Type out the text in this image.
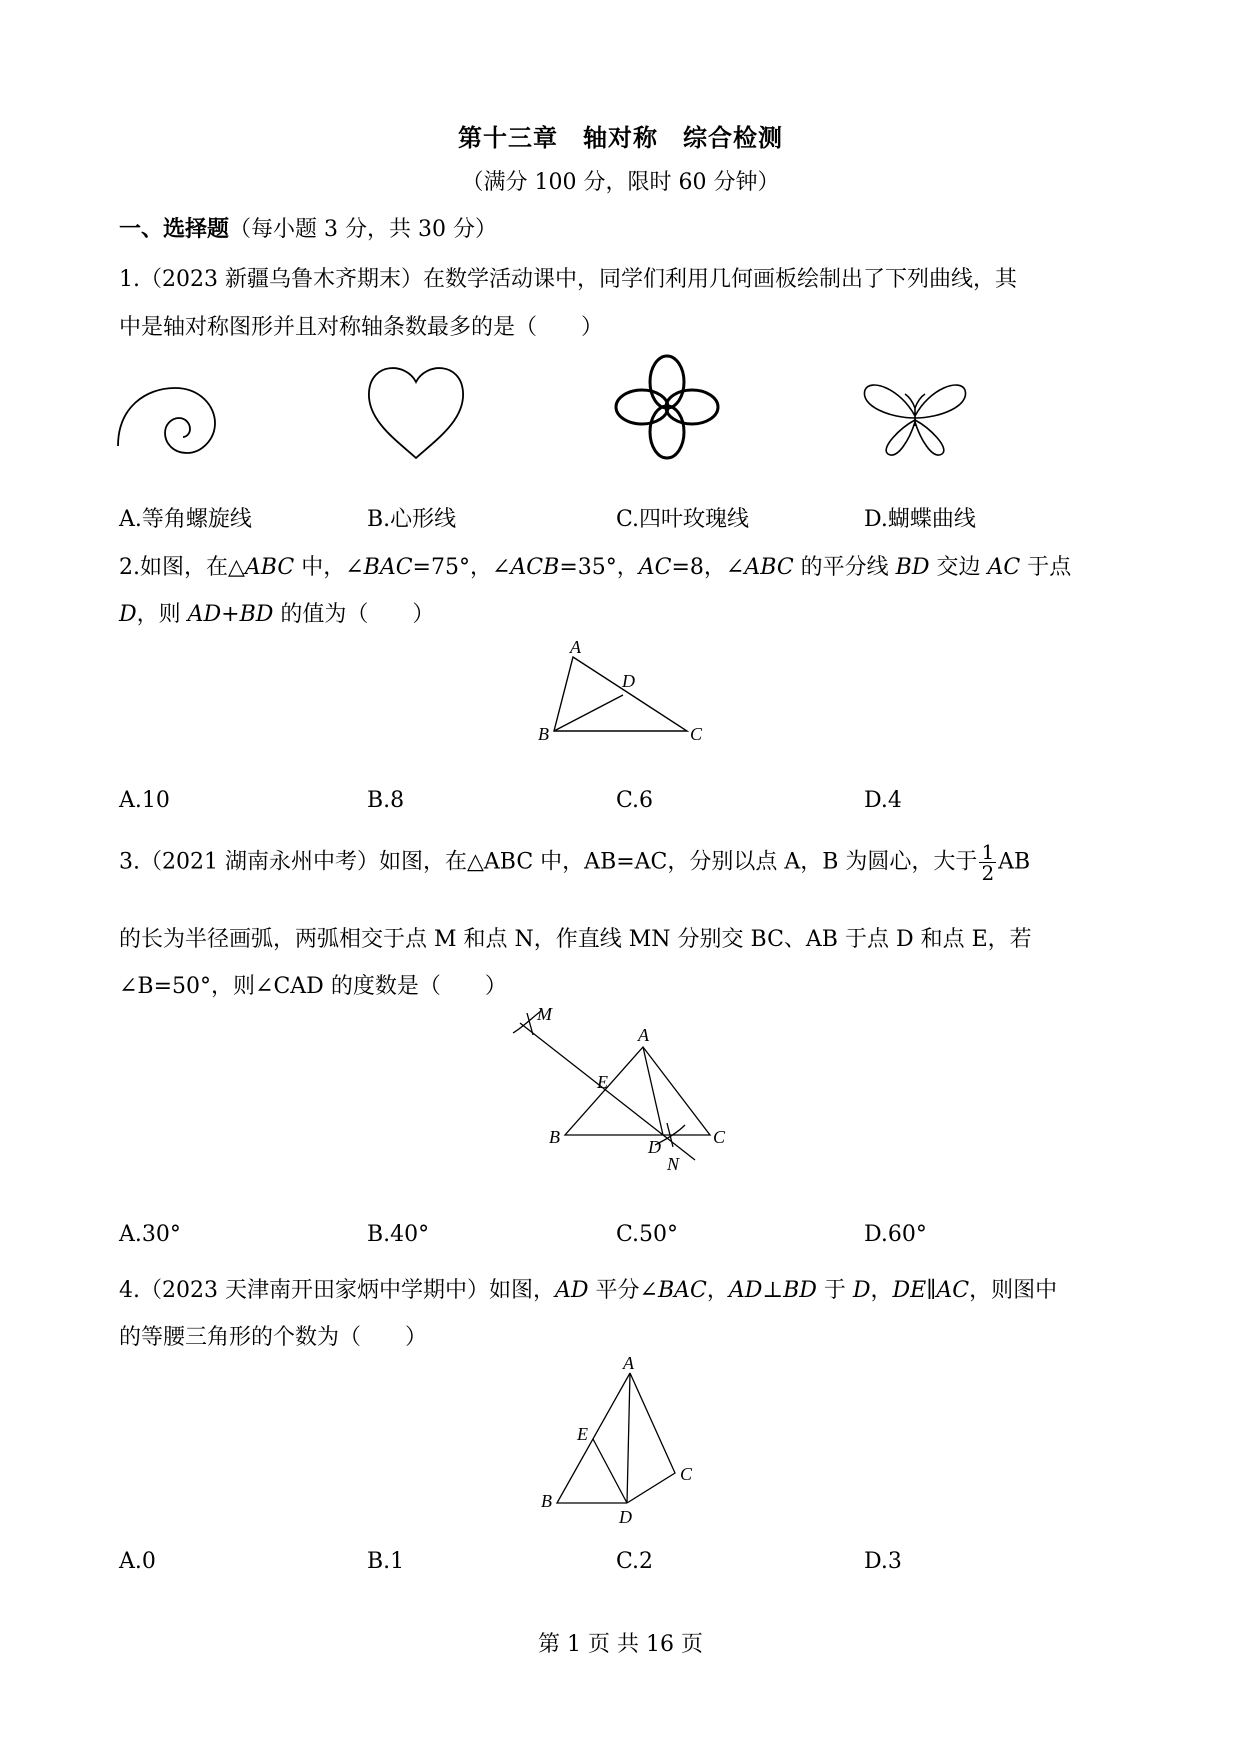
第十三章　轴对称　综合检测
（满分 100 分，限时 60 分钟）
一、选择题（每小题 3 分，共 30 分）
1.（2023 新疆乌鲁木齐期末）在数学活动课中，同学们利用几何画板绘制出了下列曲线，其
中是轴对称图形并且对称轴条数最多的是（　　）
A.等角螺旋线	B.心形线	C.四叶玫瑰线	D.蝴蝶曲线
2.如图，在△ABC 中，∠BAC=75°，∠ACB=35°，AC=8，∠ABC 的平分线 BD 交边 AC 于点
D，则 AD+BD 的值为（　　）
A
D
B	C
A.10	B.8	C.6	D.4
3.（2021 湖南永州中考）如图，在△ABC 中，AB=AC，分别以点 A，B 为圆心，大于 $\frac{1}{2}$ AB
的长为半径画弧，两弧相交于点 M 和点 N，作直线 MN 分别交 BC、AB 于点 D 和点 E，若
∠B=50°，则∠CAD 的度数是（　　）
M
A
E
B	D	C
N
A.30°	B.40°	C.50°	D.60°
4.（2023 天津南开田家炳中学期中）如图，AD 平分∠BAC，AD⊥BD 于 D，DE∥AC，则图中
的等腰三角形的个数为（　　）
A
E
C
B
D
A.0	B.1	C.2	D.3
第 1 页 共 16 页
